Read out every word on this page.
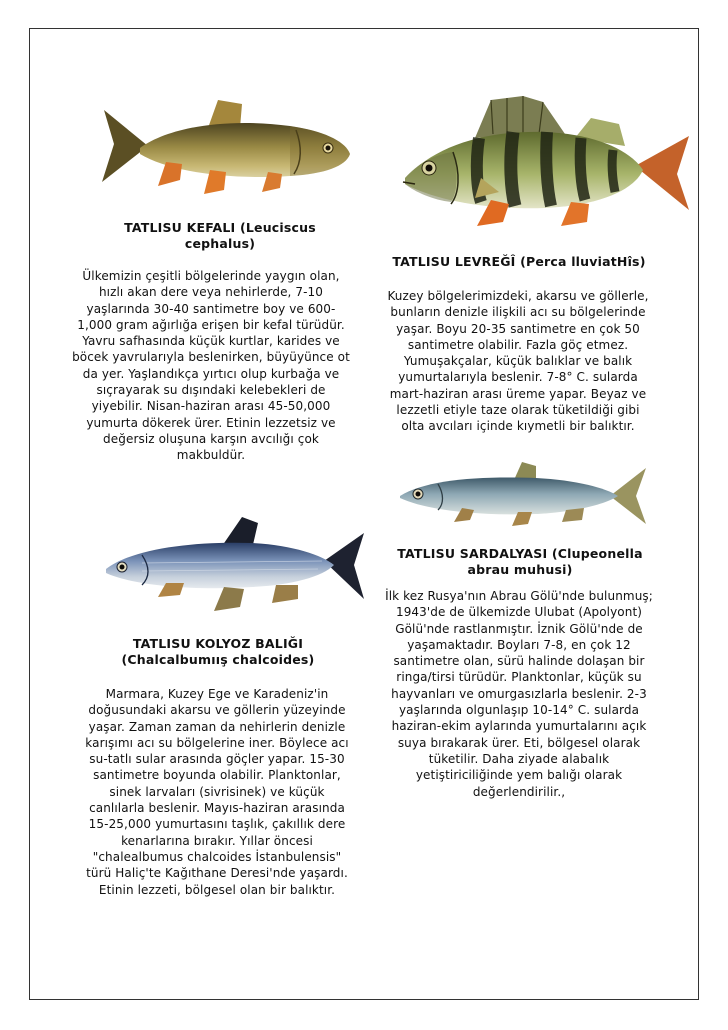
TATLISU KEFALI (Leuciscus cephalus)
Ülkemizin çeşitli bölgelerinde yaygın olan, hızlı akan dere veya nehirlerde, 7-10 yaşlarında 30-40 santimetre boy ve 600-1,000 gram ağırlığa erişen bir kefal türüdür. Yavru safhasında küçük kurtlar, karides ve böcek yavrularıyla beslenirken, büyüyünce ot da yer. Yaşlandıkça yırtıcı olup kurbağa ve sıçrayarak su dışındaki kelebekleri de yiyebilir. Nisan-haziran arası 45-50,000 yumurta dökerek ürer. Etinin lezzetsiz ve değersiz oluşuna karşın avcılığı çok makbuldür.
TATLISU LEVREĞÎ (Perca lluviatHîs)
Kuzey bölgelerimizdeki, akarsu ve göllerle, bunların denizle ilişkili acı su bölgelerinde yaşar. Boyu 20-35 santimetre en çok 50 santimetre olabilir. Fazla göç etmez. Yumuşakçalar, küçük balıklar ve balık yumurtalarıyla beslenir. 7-8° C. sularda mart-haziran arası üreme yapar. Beyaz ve lezzetli etiyle taze olarak tüketildiği gibi olta avcıları içinde kıymetli bir balıktır.
TATLISU SARDALYASI (Clupeonella abrau muhusi)
İlk kez Rusya'nın Abrau Gölü'nde bulunmuş; 1943'de de ülkemizde Ulubat (Apolyont) Gölü'nde rastlanmıştır. İznik Gölü'nde de yaşamaktadır. Boyları 7-8, en çok 12 santimetre olan, sürü halinde dolaşan bir ringa/tirsi türüdür. Planktonlar, küçük su hayvanları ve omurgasızlarla beslenir. 2-3 yaşlarında olgunlaşıp 10-14° C. sularda haziran-ekim aylarında yumurtalarını açık suya bırakarak ürer. Eti, bölgesel olarak tüketilir. Daha ziyade alabalık yetiştiriciliğinde yem balığı olarak değerlendirilir.,
TATLISU KOLYOZ BALIĞI (Chalcalbumıış chalcoides)
Marmara, Kuzey Ege ve Karadeniz'in doğusundaki akarsu ve göllerin yüzeyinde yaşar. Zaman zaman da nehirlerin denizle karışımı acı su bölgelerine iner. Böylece acı su-tatlı sular arasında göçler yapar. 15-30 santimetre boyunda olabilir. Planktonlar, sinek larvaları (sivrisinek) ve küçük canlılarla beslenir. Mayıs-haziran arasında 15-25,000 yumurtasını taşlık, çakıllık dere kenarlarına bırakır. Yıllar öncesi "chalealbumus chalcoides İstanbulensis" türü Haliç'te Kağıthane Deresi'nde yaşardı. Etinin lezzeti, bölgesel olan bir balıktır.
